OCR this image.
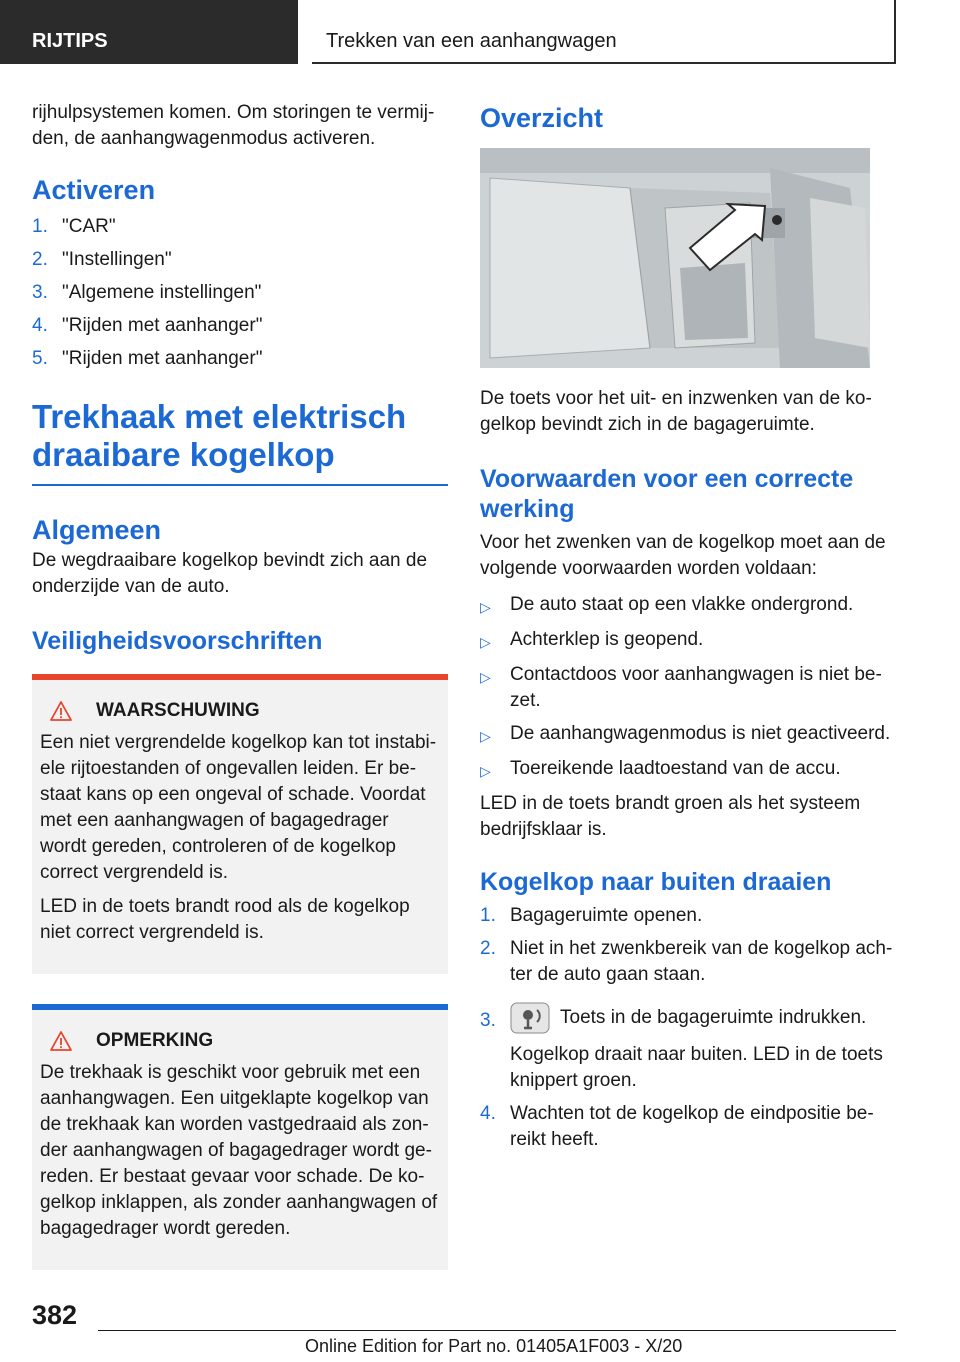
RIJTIPS	Trekken van een aanhangwagen

rijhulpsystemen komen. Om storingen te vermijden, de aanhangwagenmodus activeren.

Activeren
1. "CAR"
2. "Instellingen"
3. "Algemene instellingen"
4. "Rijden met aanhanger"
5. "Rijden met aanhanger"
Trekhaak met elektrisch draaibare kogelkop
Algemeen

De wegdraaibare kogelkop bevindt zich aan de onderzijde van de auto.

Veiligheidsvoorschriften
WAARSCHUWING

Een niet vergrendelde kogelkop kan tot instabiele rijtoestanden of ongevallen leiden. Er bestaat kans op een ongeval of schade. Voordat met een aanhangwagen of bagagedrager wordt gereden, controleren of de kogelkop correct vergrendeld is.

LED in de toets brandt rood als de kogelkop niet correct vergrendeld is.

OPMERKING

De trekhaak is geschikt voor gebruik met een aanhangwagen. Een uitgeklapte kogelkop van de trekhaak kan worden vastgedraaid als zonder aanhangwagen of bagagedrager wordt gereden. Er bestaat gevaar voor schade. De kogelkop inklappen, als zonder aanhangwagen of bagagedrager wordt gereden.

Overzicht

De toets voor het uit- en inzwenken van de kogelkop bevindt zich in de bagageruimte.

Voorwaarden voor een correcte werking

Voor het zwenken van de kogelkop moet aan de volgende voorwaarden worden voldaan:

▷	De auto staat op een vlakke ondergrond.
▷	Achterklep is geopend.
▷	Contactdoos voor aanhangwagen is niet bezet.
▷	De aanhangwagenmodus is niet geactiveerd.
▷	Toereikende laadtoestand van de accu.

LED in de toets brandt groen als het systeem bedrijfsklaar is.

Kogelkop naar buiten draaien
1. Bagageruimte openen.
2. Niet in het zwenkbereik van de kogelkop achter de auto gaan staan.
3.	Toets in de bagageruimte indrukken.
Kogelkop draait naar buiten. LED in de toets knippert groen.
4. Wachten tot de kogelkop de eindpositie bereikt heeft.
382
Online Edition for Part no. 01405A1F003 - X/20
